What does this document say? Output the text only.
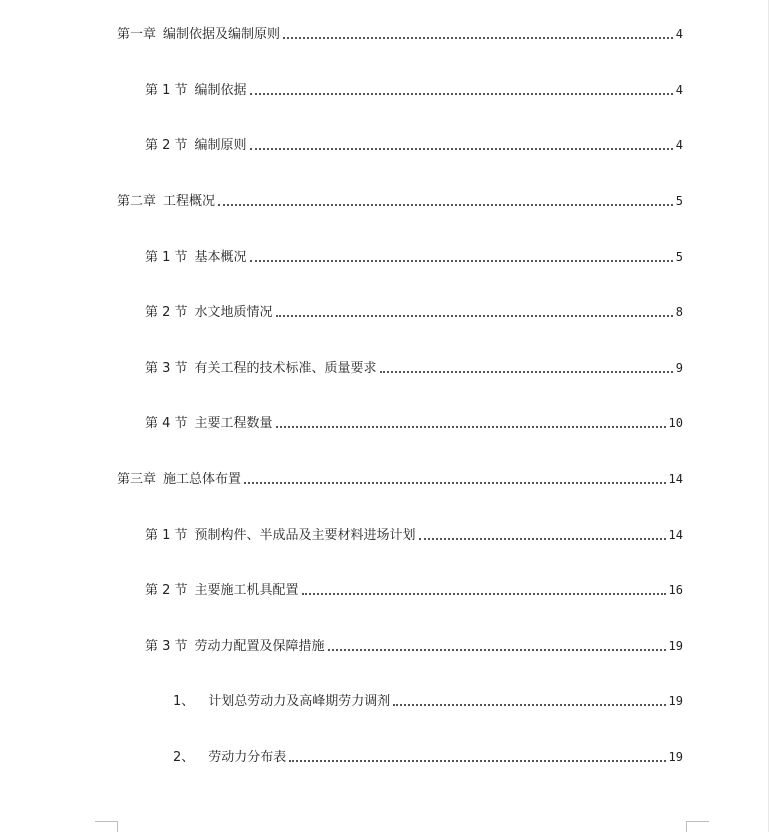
第一章 编制依据及编制原则	4
第 1 节 编制依据	4
第 2 节 编制原则	4
第二章 工程概况	5
第 1 节 基本概况	5
第 2 节 水文地质情况	8
第 3 节 有关工程的技术标准、质量要求	9
第 4 节 主要工程数量	10
第三章 施工总体布置	14
第 1 节 预制构件、半成品及主要材料进场计划	14
第 2 节 主要施工机具配置	16
第 3 节 劳动力配置及保障措施	19
1、 计划总劳动力及高峰期劳力调剂	19
2、 劳动力分布表	19
